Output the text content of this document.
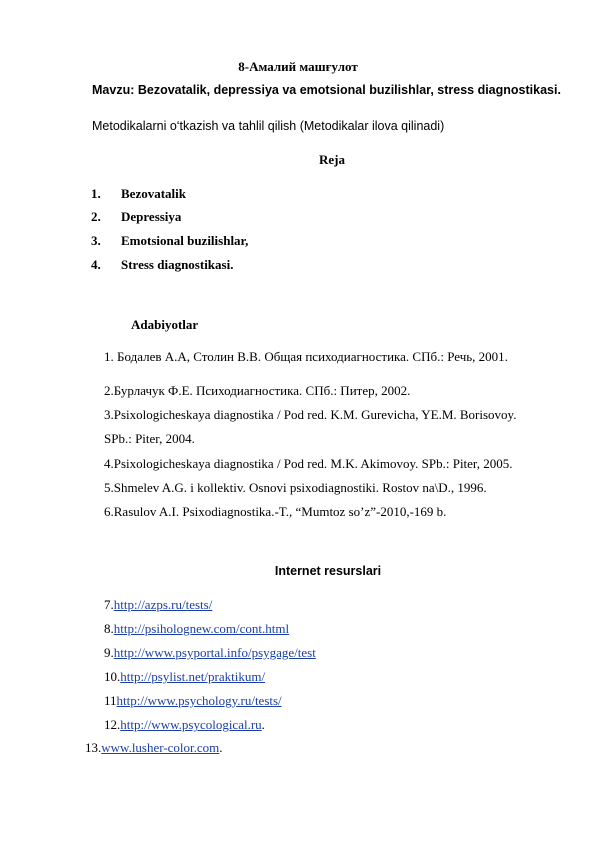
8-Амалий машғулот
Mavzu: Bezovatalik, depressiya va emotsional buzilishlar, stress diagnostikasi.
Metodikalarni o‘tkazish va tahlil qilish (Metodikalar ilova qilinadi)
Reja
1. Bezovatalik
2. Depressiya
3. Emotsional buzilishlar,
4. Stress diagnostikasi.
Adabiyotlar
1. Бодалев А.А, Столин В.В. Общая психодиагностика. СПб.: Речь, 2001.
2.Бурлачук Ф.Е. Психодиагностика. СПб.: Питер, 2002.
3.Psixologicheskaya diagnostika / Pod red. K.M. Gurevicha, YE.M. Borisovoy.
SPb.: Piter, 2004.
4.Psixologicheskaya diagnostika / Pod red. M.K. Akimovoy. SPb.: Piter, 2005.
5.Shmelev A.G. i kollektiv. Osnovi psixodiagnostiki. Rostov na\D., 1996.
6.Rasulov A.I. Psixodiagnostika.-T., “Mumtoz so’z”-2010,-169 b.
Internet resurslari
7.http://azps.ru/tests/
8.http://psiholognew.com/cont.html
9.http://www.psyportal.info/psygage/test
10.http://psylist.net/praktikum/
11http://www.psychology.ru/tests/
12.http://www.psycological.ru.
13.www.lusher-color.com.
